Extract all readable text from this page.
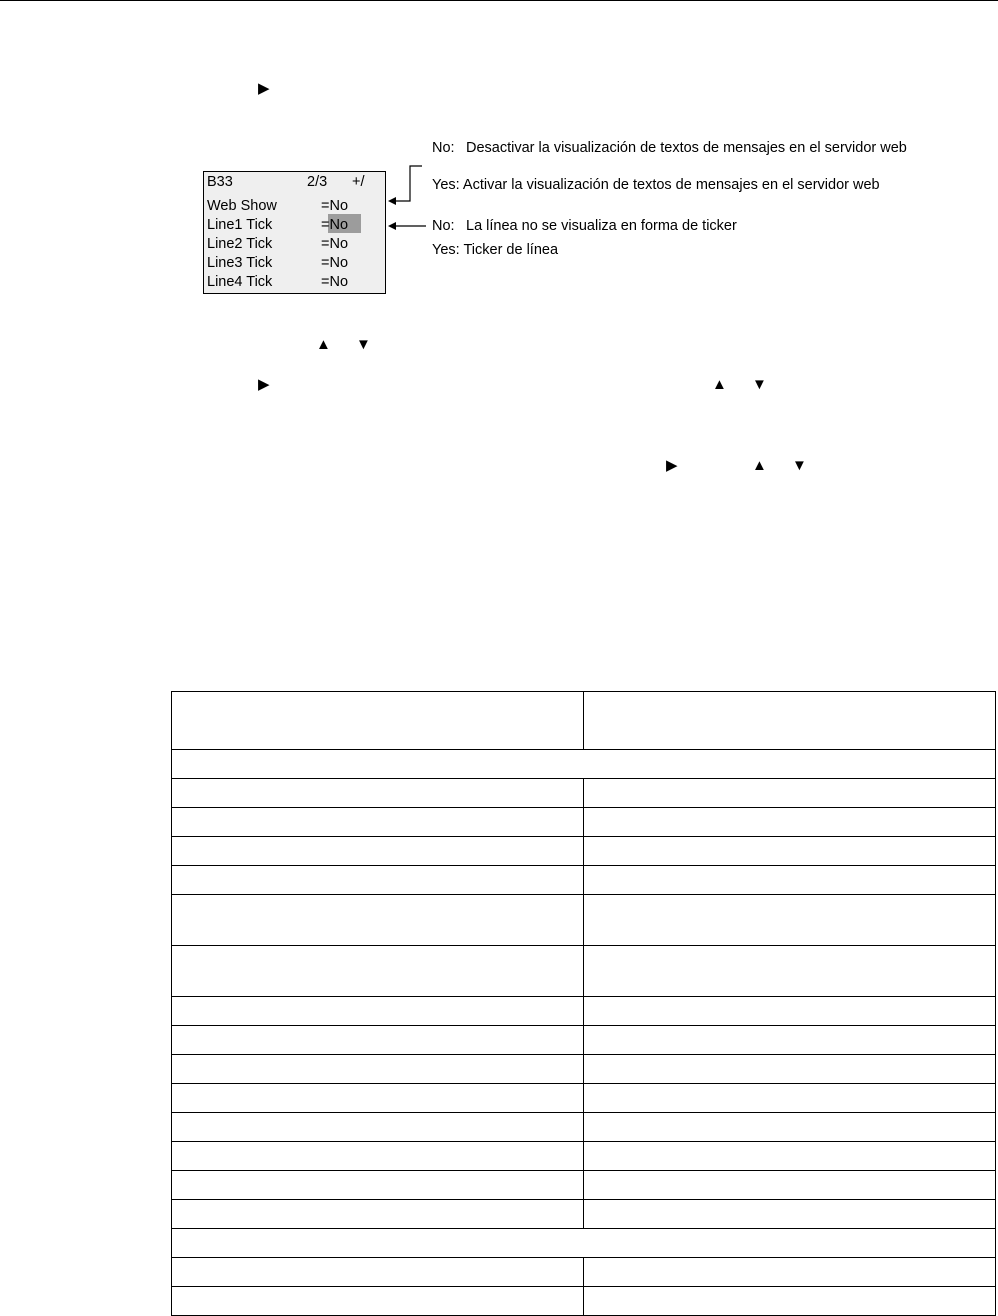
▶
B33	2/3 +/
Web Show	=No
Line1 Tick	=No
Line2 Tick	=No
Line3 Tick	=No
Line4 Tick	=No
No: Desactivar la visualización de textos de mensajes en el servidor web
Yes: Activar la visualización de textos de mensajes en el servidor web
No: La línea no se visualiza en forma de ticker
Yes: Ticker de línea
▲ ▼
▶	▲ ▼
▶	▲ ▼
